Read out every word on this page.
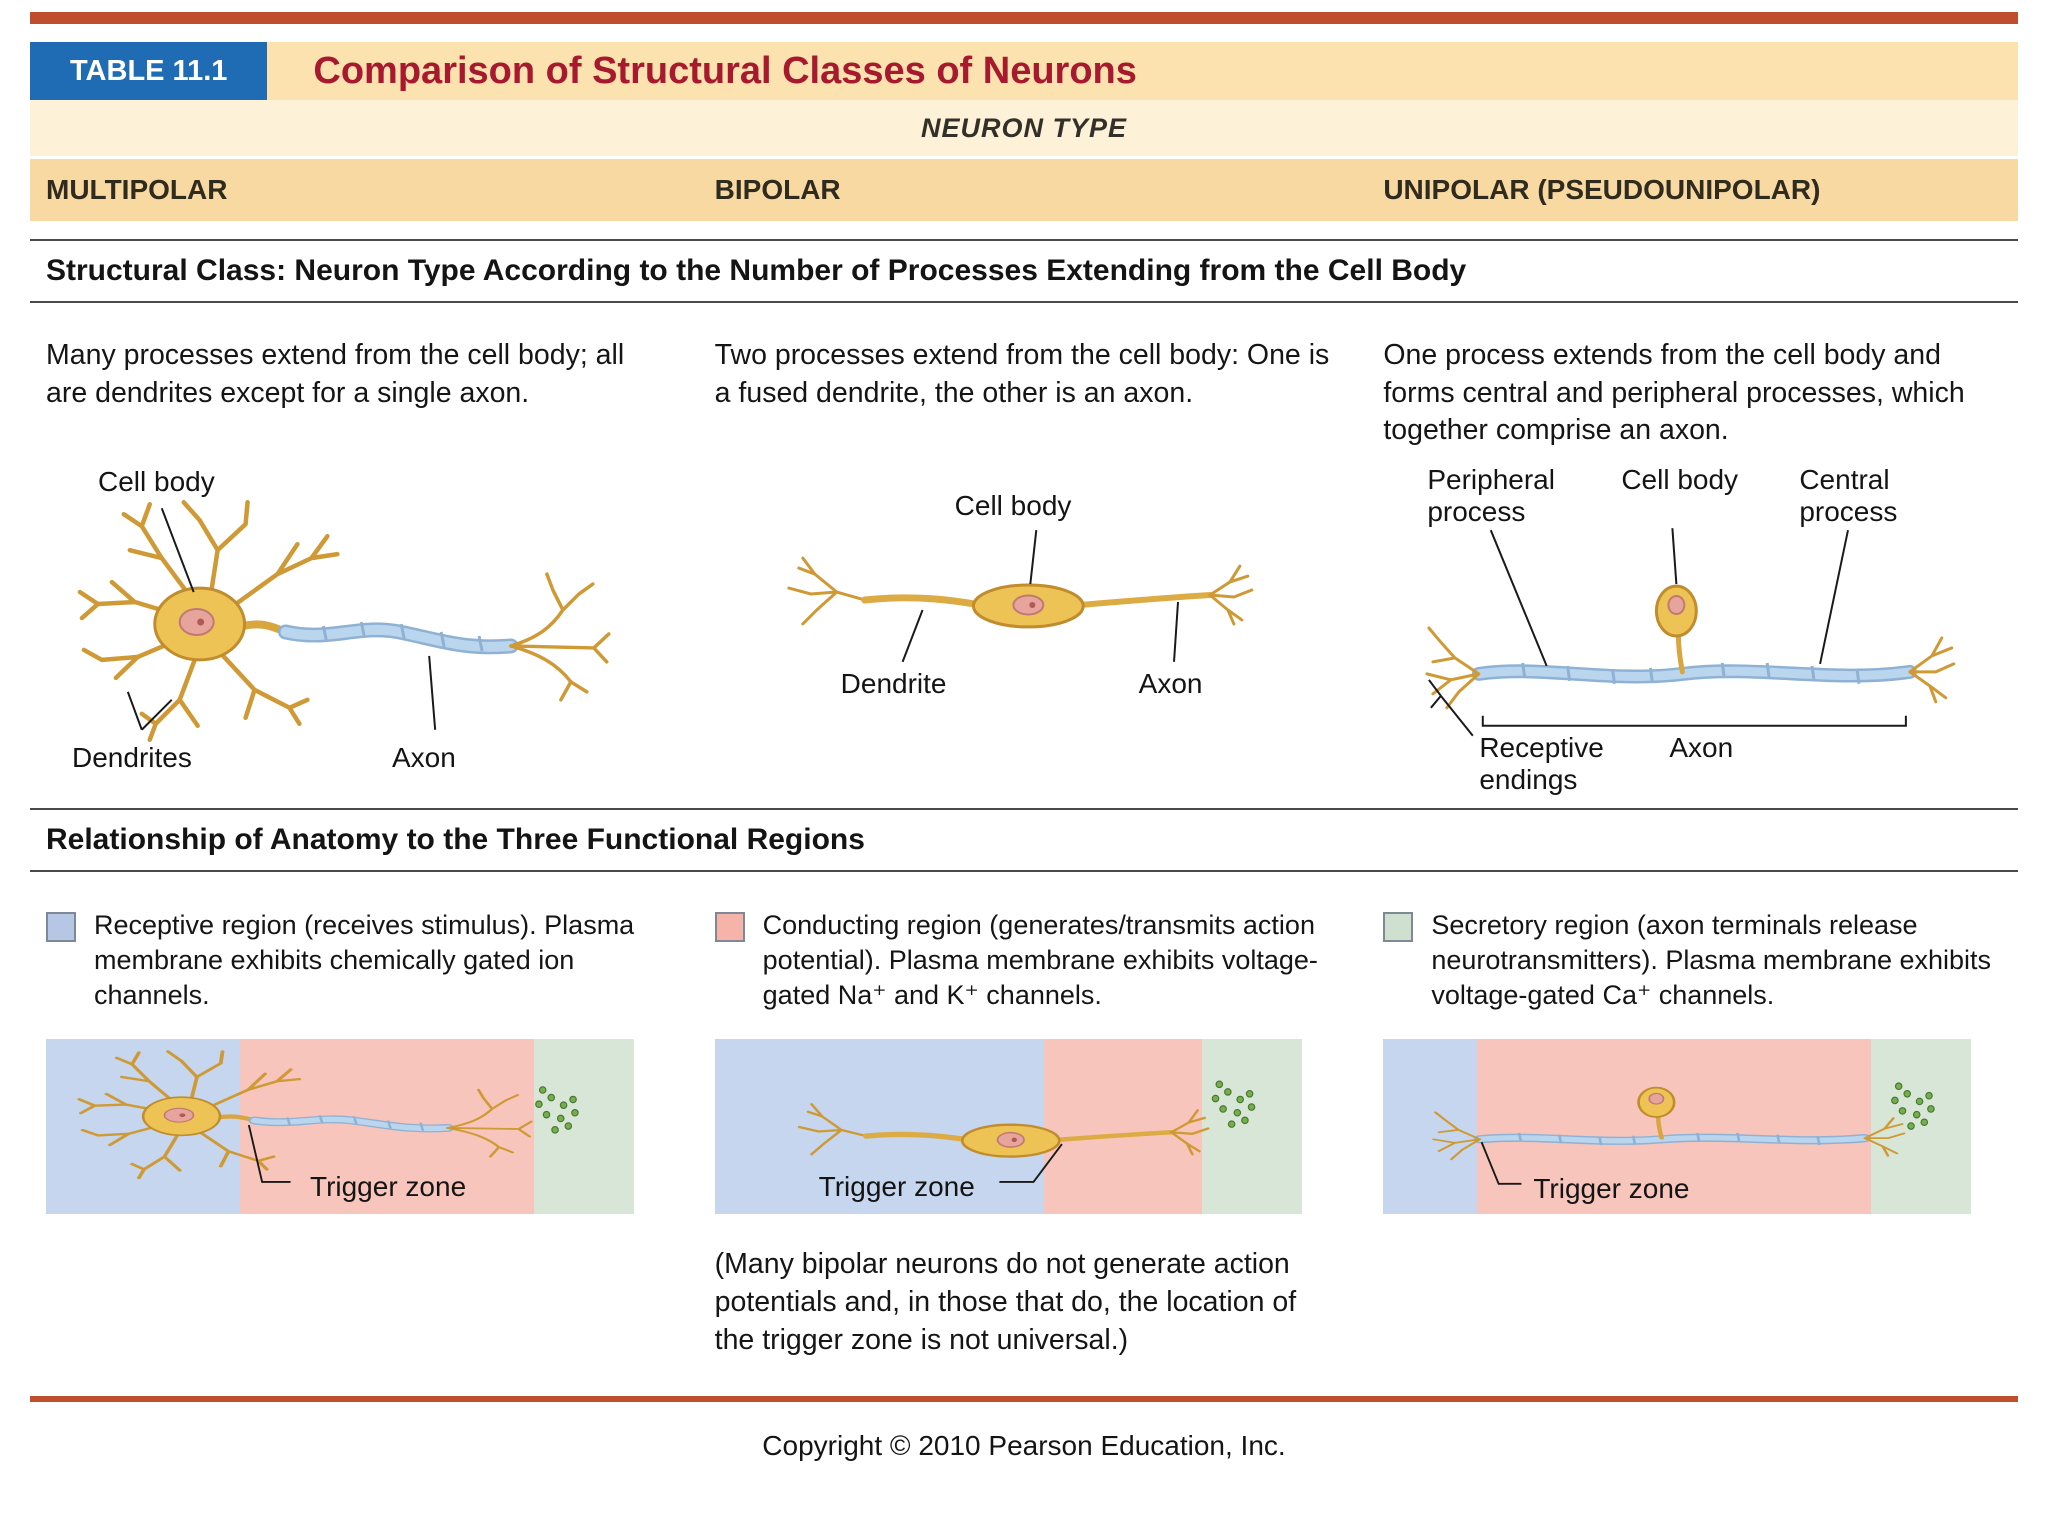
TABLE 11.1	Comparison of Structural Classes of Neurons
NEURON TYPE
MULTIPOLAR	BIPOLAR	UNIPOLAR (PSEUDOUNIPOLAR)
Structural Class: Neuron Type According to the Number of Processes Extending from the Cell Body

Many processes extend from the cell body; all are dendrites except for a single axon.

Two processes extend from the cell body: One is a fused dendrite, the other is an axon.

One process extends from the cell body and forms central and peripheral processes, which together comprise an axon.

Cell body
Dendrites	Axon
Cell body
Dendrite	Axon
Peripheral process
Cell body Central process
Receptive endings
Axon
Relationship of Anatomy to the Three Functional Regions
Receptive region (receives stimulus). Plasma membrane exhibits chemically gated ion channels.
Conducting region (generates/transmits action potential). Plasma membrane exhibits voltage-gated Na⁺ and K⁺ channels.
Secretory region (axon terminals release neurotransmitters). Plasma membrane exhibits voltage-gated Ca⁺ channels.
Trigger zone	Trigger zone

(Many bipolar neurons do not generate action potentials and, in those that do, the location of the trigger zone is not universal.)

Trigger zone
Copyright © 2010 Pearson Education, Inc.
